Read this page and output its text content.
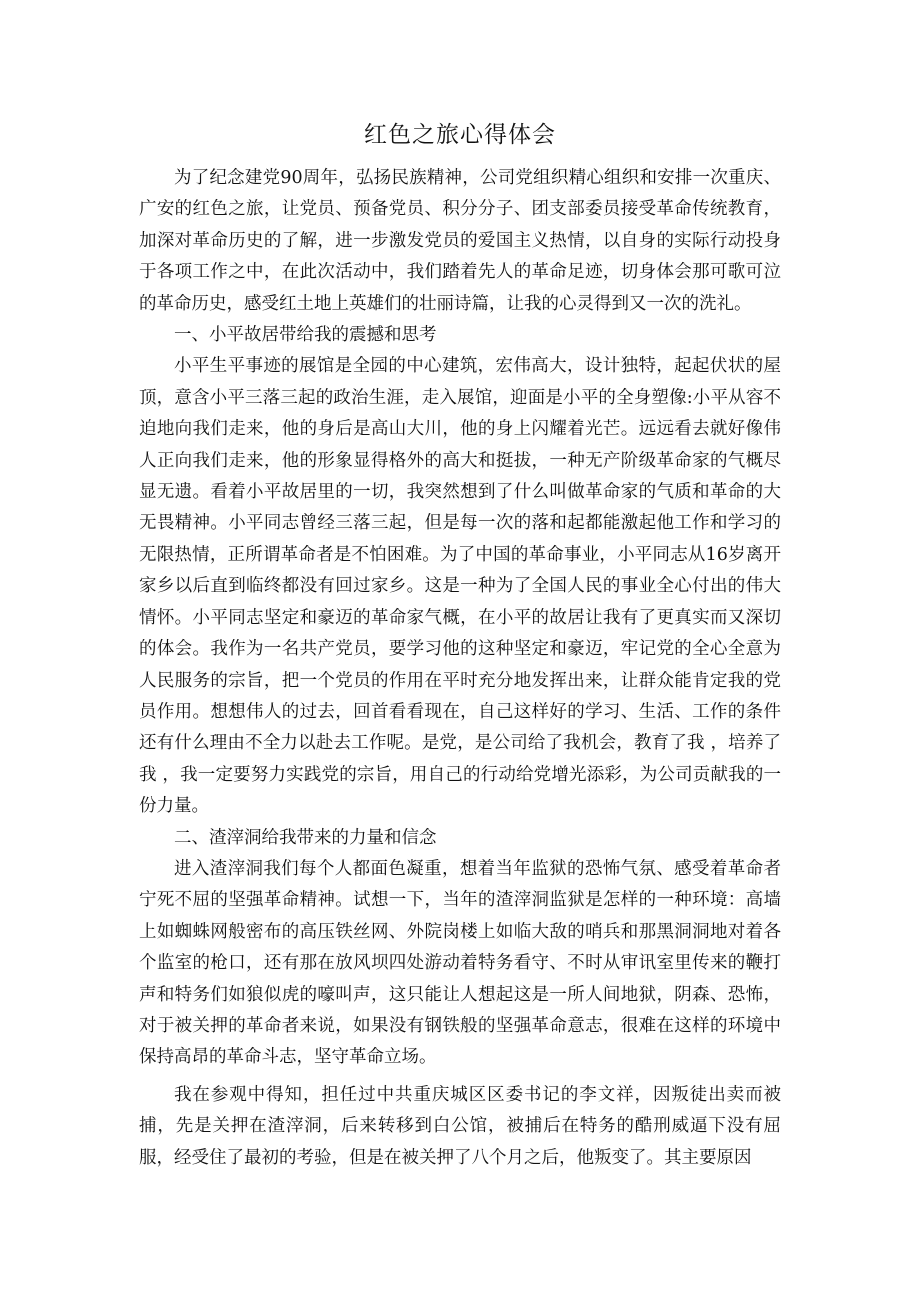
红色之旅心得体会

为了纪念建党90周年，弘扬民族精神，公司党组织精心组织和安排一次重庆、广安的红色之旅，让党员、预备党员、积分分子、团支部委员接受革命传统教育，加深对革命历史的了解，进一步激发党员的爱国主义热情，以自身的实际行动投身于各项工作之中，在此次活动中，我们踏着先人的革命足迹，切身体会那可歌可泣的革命历史，感受红土地上英雄们的壮丽诗篇，让我的心灵得到又一次的洗礼。

一、小平故居带给我的震撼和思考

小平生平事迹的展馆是全园的中心建筑，宏伟高大，设计独特，起起伏状的屋顶，意含小平三落三起的政治生涯，走入展馆，迎面是小平的全身塑像:小平从容不迫地向我们走来，他的身后是高山大川，他的身上闪耀着光芒。远远看去就好像伟人正向我们走来，他的形象显得格外的高大和挺拔，一种无产阶级革命家的气概尽显无遗。看着小平故居里的一切，我突然想到了什么叫做革命家的气质和革命的大无畏精神。小平同志曾经三落三起，但是每一次的落和起都能激起他工作和学习的无限热情，正所谓革命者是不怕困难。为了中国的革命事业，小平同志从16岁离开家乡以后直到临终都没有回过家乡。这是一种为了全国人民的事业全心付出的伟大情怀。小平同志坚定和豪迈的革命家气概，在小平的故居让我有了更真实而又深切的体会。我作为一名共产党员，要学习他的这种坚定和豪迈，牢记党的全心全意为人民服务的宗旨，把一个党员的作用在平时充分地发挥出来，让群众能肯定我的党员作用。想想伟人的过去，回首看看现在，自己这样好的学习、生活、工作的条件还有什么理由不全力以赴去工作呢。是党，是公司给了我机会，教育了我 ，培养了我 ，我一定要努力实践党的宗旨，用自己的行动给党增光添彩，为公司贡献我的一份力量。

二、渣滓洞给我带来的力量和信念

进入渣滓洞我们每个人都面色凝重，想着当年监狱的恐怖气氛、感受着革命者宁死不屈的坚强革命精神。试想一下，当年的渣滓洞监狱是怎样的一种环境：高墙上如蜘蛛网般密布的高压铁丝网、外院岗楼上如临大敌的哨兵和那黑洞洞地对着各个监室的枪口，还有那在放风坝四处游动着特务看守、不时从审讯室里传来的鞭打声和特务们如狼似虎的嚎叫声，这只能让人想起这是一所人间地狱，阴森、恐怖，对于被关押的革命者来说，如果没有钢铁般的坚强革命意志，很难在这样的环境中保持高昂的革命斗志，坚守革命立场。

我在参观中得知，担任过中共重庆城区区委书记的李文祥，因叛徒出卖而被捕，先是关押在渣滓洞，后来转移到白公馆，被捕后在特务的酷刑威逼下没有屈服，经受住了最初的考验，但是在被关押了八个月之后，他叛变了。其主要原因
